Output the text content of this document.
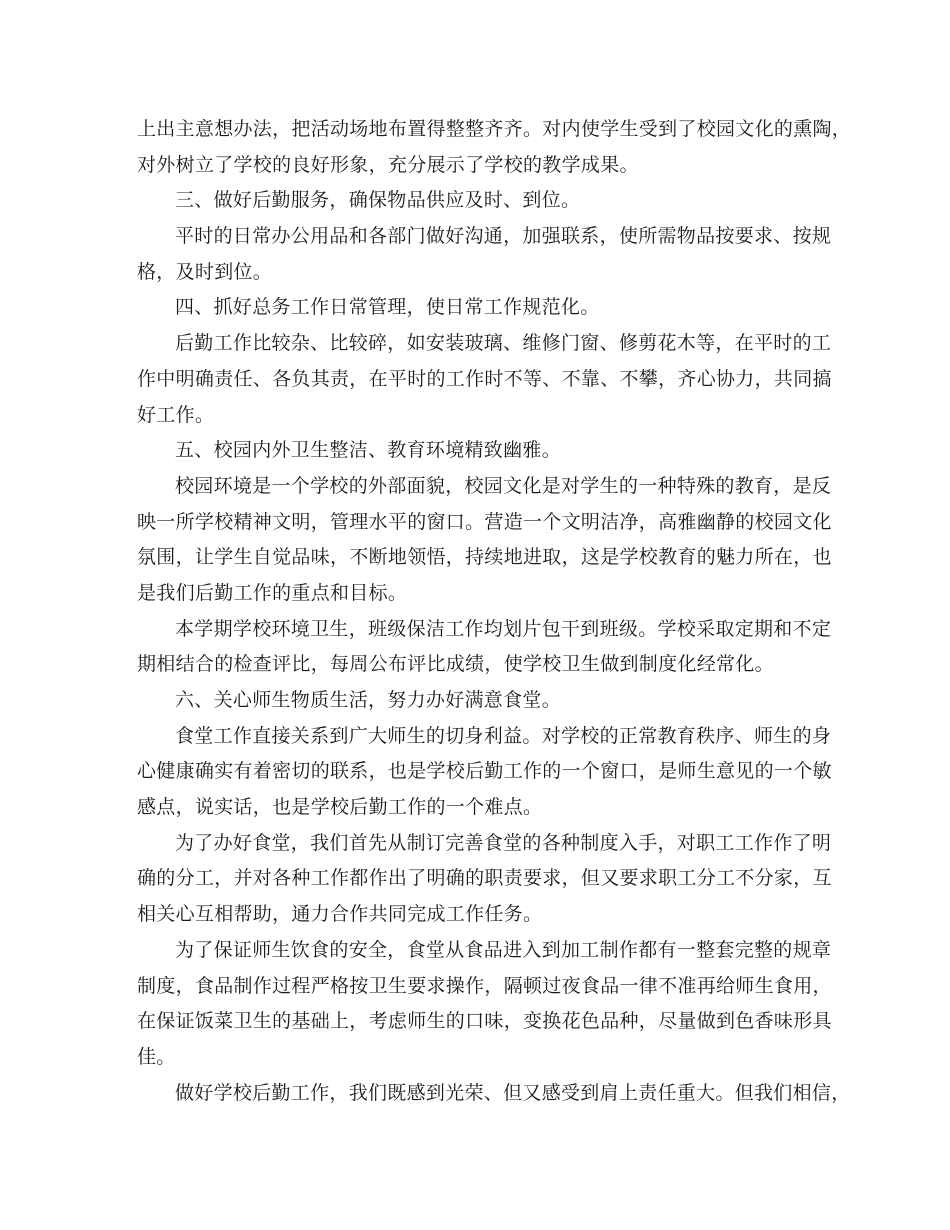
上出主意想办法，把活动场地布置得整整齐齐。对内使学生受到了校园文化的熏陶，
对外树立了学校的良好形象，充分展示了学校的教学成果。
三、做好后勤服务，确保物品供应及时、到位。
平时的日常办公用品和各部门做好沟通，加强联系，使所需物品按要求、按规
格，及时到位。
四、抓好总务工作日常管理，使日常工作规范化。
后勤工作比较杂、比较碎，如安装玻璃、维修门窗、修剪花木等，在平时的工
作中明确责任、各负其责，在平时的工作时不等、不靠、不攀，齐心协力，共同搞
好工作。
五、校园内外卫生整洁、教育环境精致幽雅。
校园环境是一个学校的外部面貌，校园文化是对学生的一种特殊的教育，是反
映一所学校精神文明，管理水平的窗口。营造一个文明洁净，高雅幽静的校园文化
氛围，让学生自觉品味，不断地领悟，持续地进取，这是学校教育的魅力所在，也
是我们后勤工作的重点和目标。
本学期学校环境卫生，班级保洁工作均划片包干到班级。学校采取定期和不定
期相结合的检查评比，每周公布评比成绩，使学校卫生做到制度化经常化。
六、关心师生物质生活，努力办好满意食堂。
食堂工作直接关系到广大师生的切身利益。对学校的正常教育秩序、师生的身
心健康确实有着密切的联系，也是学校后勤工作的一个窗口，是师生意见的一个敏
感点，说实话，也是学校后勤工作的一个难点。
为了办好食堂，我们首先从制订完善食堂的各种制度入手，对职工工作作了明
确的分工，并对各种工作都作出了明确的职责要求，但又要求职工分工不分家，互
相关心互相帮助，通力合作共同完成工作任务。
为了保证师生饮食的安全，食堂从食品进入到加工制作都有一整套完整的规章
制度，食品制作过程严格按卫生要求操作，隔顿过夜食品一律不准再给师生食用，
在保证饭菜卫生的基础上，考虑师生的口味，变换花色品种，尽量做到色香味形具
佳。
做好学校后勤工作，我们既感到光荣、但又感受到肩上责任重大。但我们相信，
